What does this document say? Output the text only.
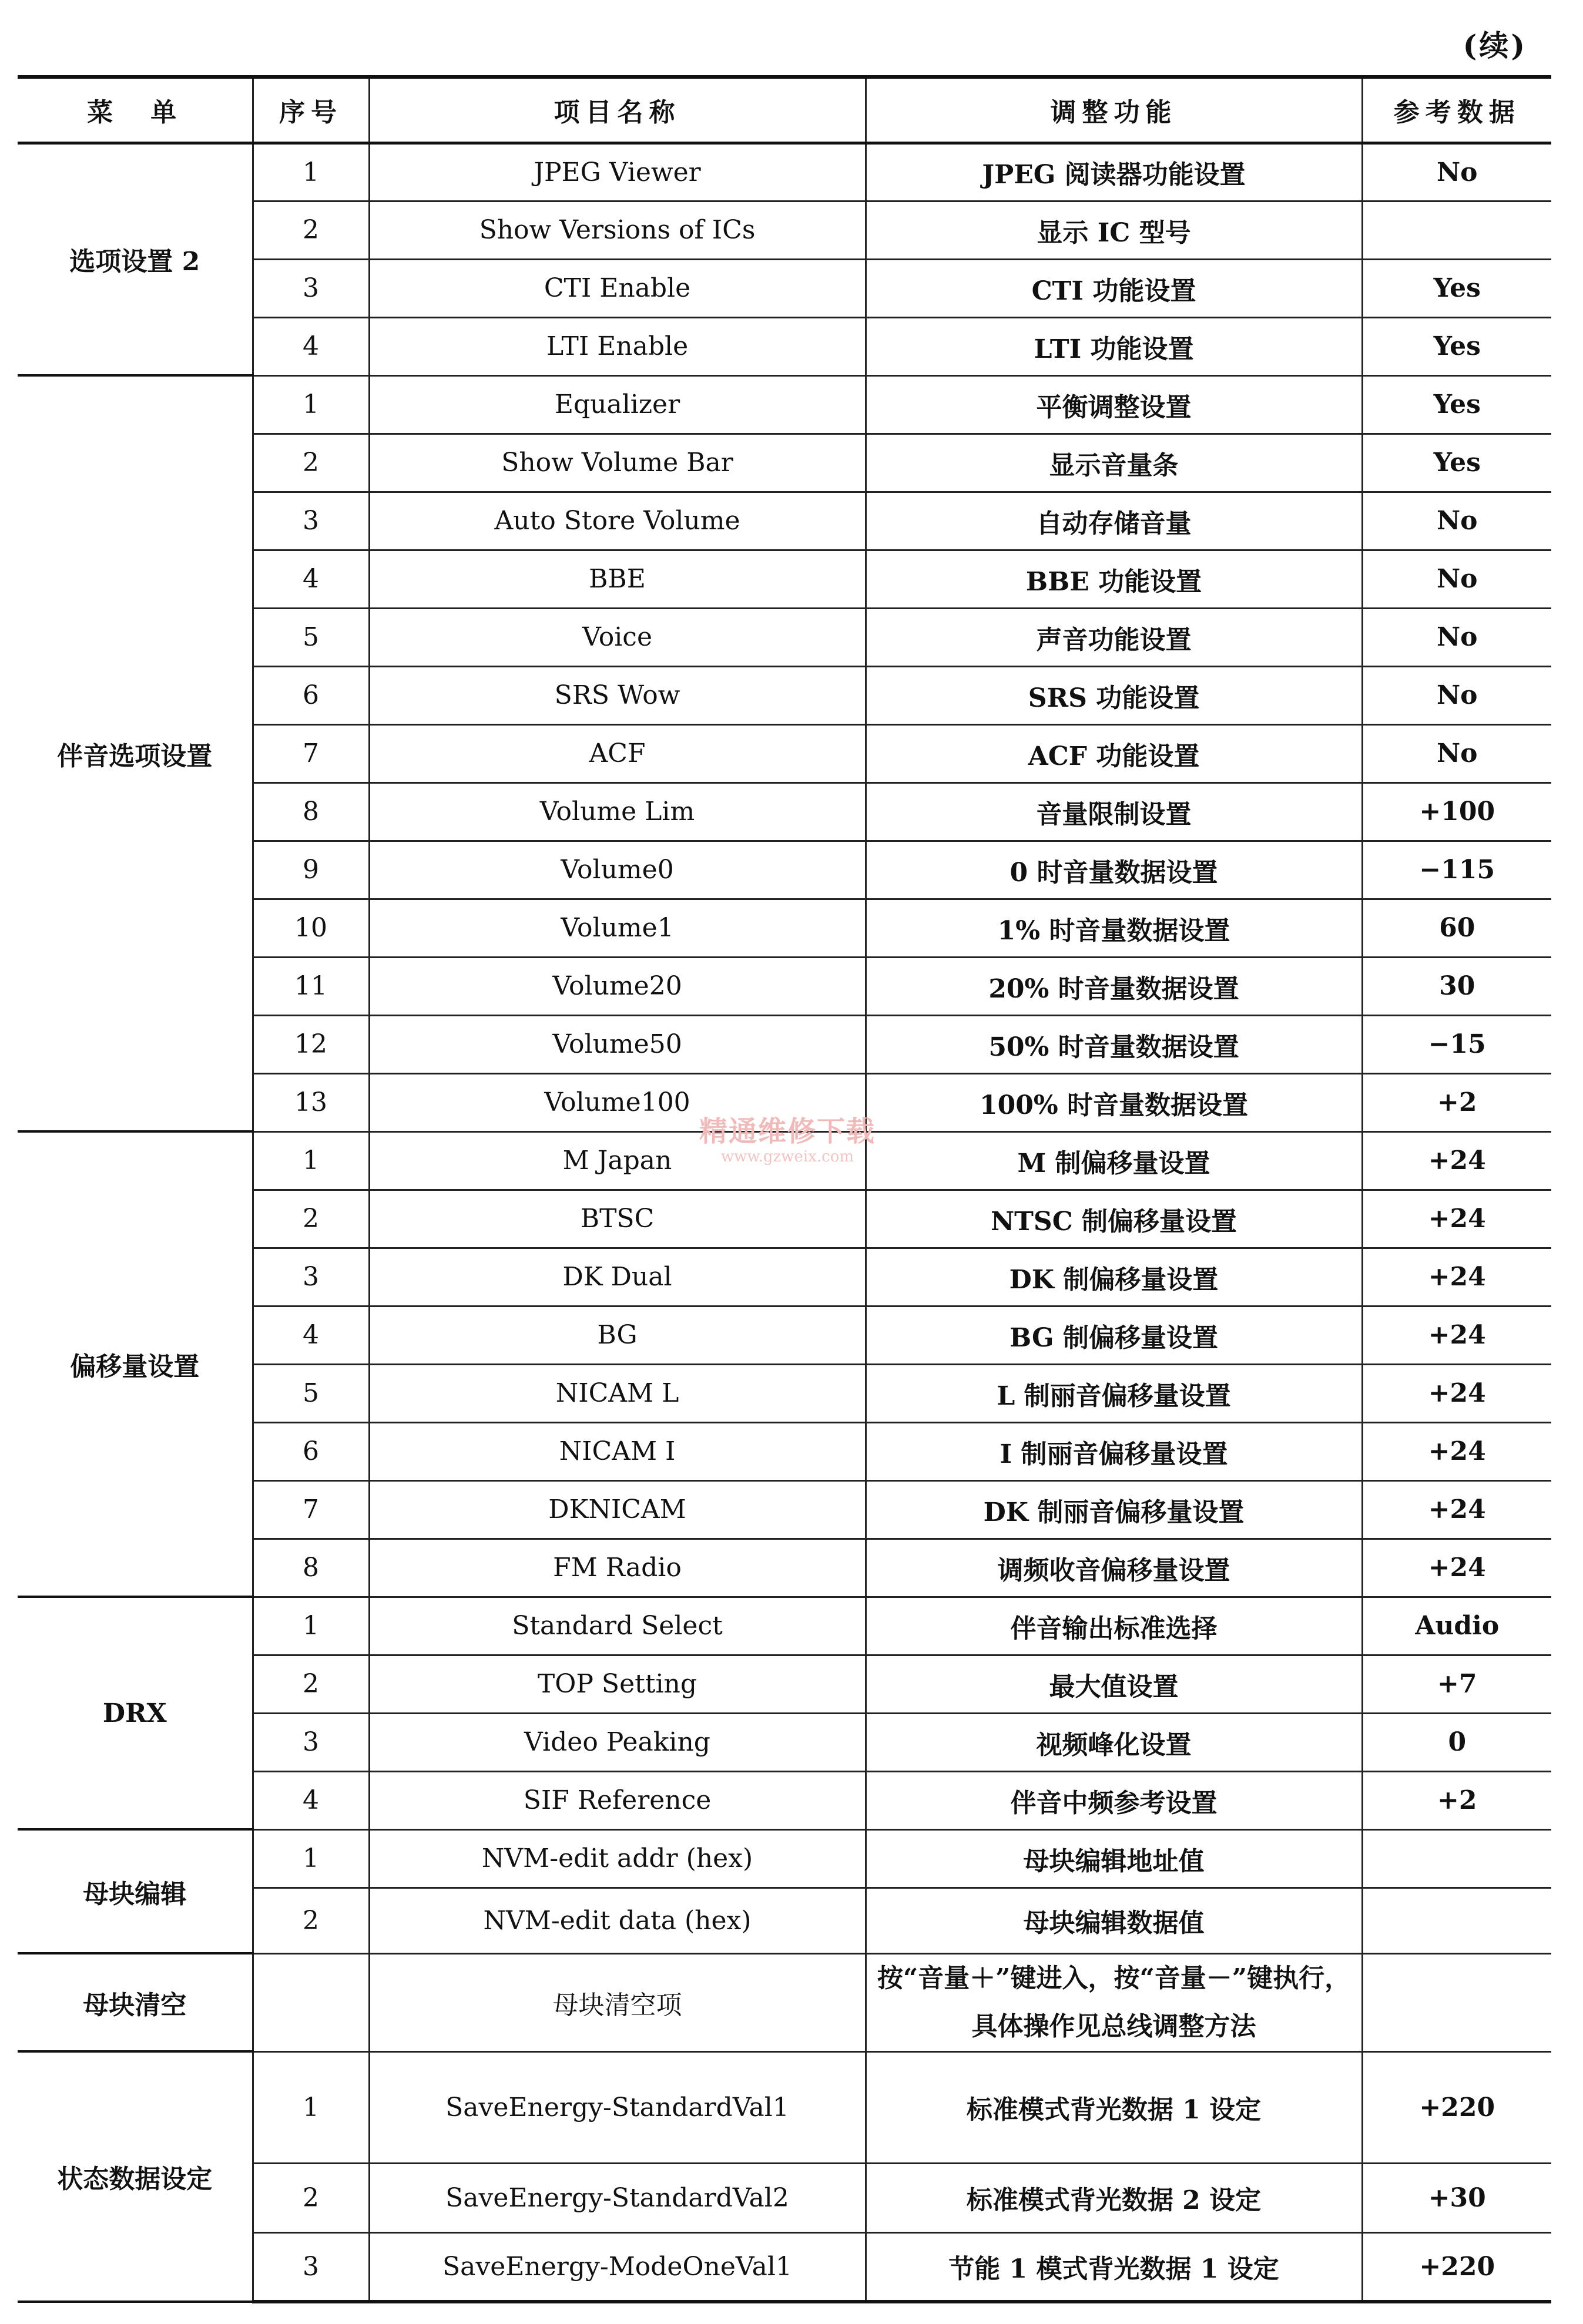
(续)
菜　单	序号	项目名称	调整功能	参考数据
选项设置 2	1	JPEG Viewer	JPEG 阅读器功能设置	No
	2	Show Versions of ICs	显示 IC 型号	
	3	CTI Enable	CTI 功能设置	Yes
	4	LTI Enable	LTI 功能设置	Yes
伴音选项设置	1	Equalizer	平衡调整设置	Yes
	2	Show Volume Bar	显示音量条	Yes
	3	Auto Store Volume	自动存储音量	No
	4	BBE	BBE 功能设置	No
	5	Voice	声音功能设置	No
	6	SRS Wow	SRS 功能设置	No
	7	ACF	ACF 功能设置	No
	8	Volume Lim	音量限制设置	+100
	9	Volume0	0 时音量数据设置	−115
	10	Volume1	1% 时音量数据设置	60
	11	Volume20	20% 时音量数据设置	30
	12	Volume50	50% 时音量数据设置	−15
	13	Volume100	100% 时音量数据设置	+2
偏移量设置	1	M Japan	M 制偏移量设置	+24
	2	BTSC	NTSC 制偏移量设置	+24
	3	DK Dual	DK 制偏移量设置	+24
	4	BG	BG 制偏移量设置	+24
	5	NICAM L	L 制丽音偏移量设置	+24
	6	NICAM I	I 制丽音偏移量设置	+24
	7	DKNICAM	DK 制丽音偏移量设置	+24
	8	FM Radio	调频收音偏移量设置	+24
DRX	1	Standard Select	伴音输出标准选择	Audio
	2	TOP Setting	最大值设置	+7
	3	Video Peaking	视频峰化设置	0
	4	SIF Reference	伴音中频参考设置	+2
母块编辑	1	NVM-edit addr (hex)	母块编辑地址值	
	2	NVM-edit data (hex)	母块编辑数据值	
母块清空		母块清空项	按“音量＋”键进入，按“音量－”键执行，具体操作见总线调整方法	
状态数据设定	1	SaveEnergy-StandardVal1	标准模式背光数据 1 设定	+220
	2	SaveEnergy-StandardVal2	标准模式背光数据 2 设定	+30
	3	SaveEnergy-ModeOneVal1	节能 1 模式背光数据 1 设定	+220
精通维修下载
www.gzweix.com
